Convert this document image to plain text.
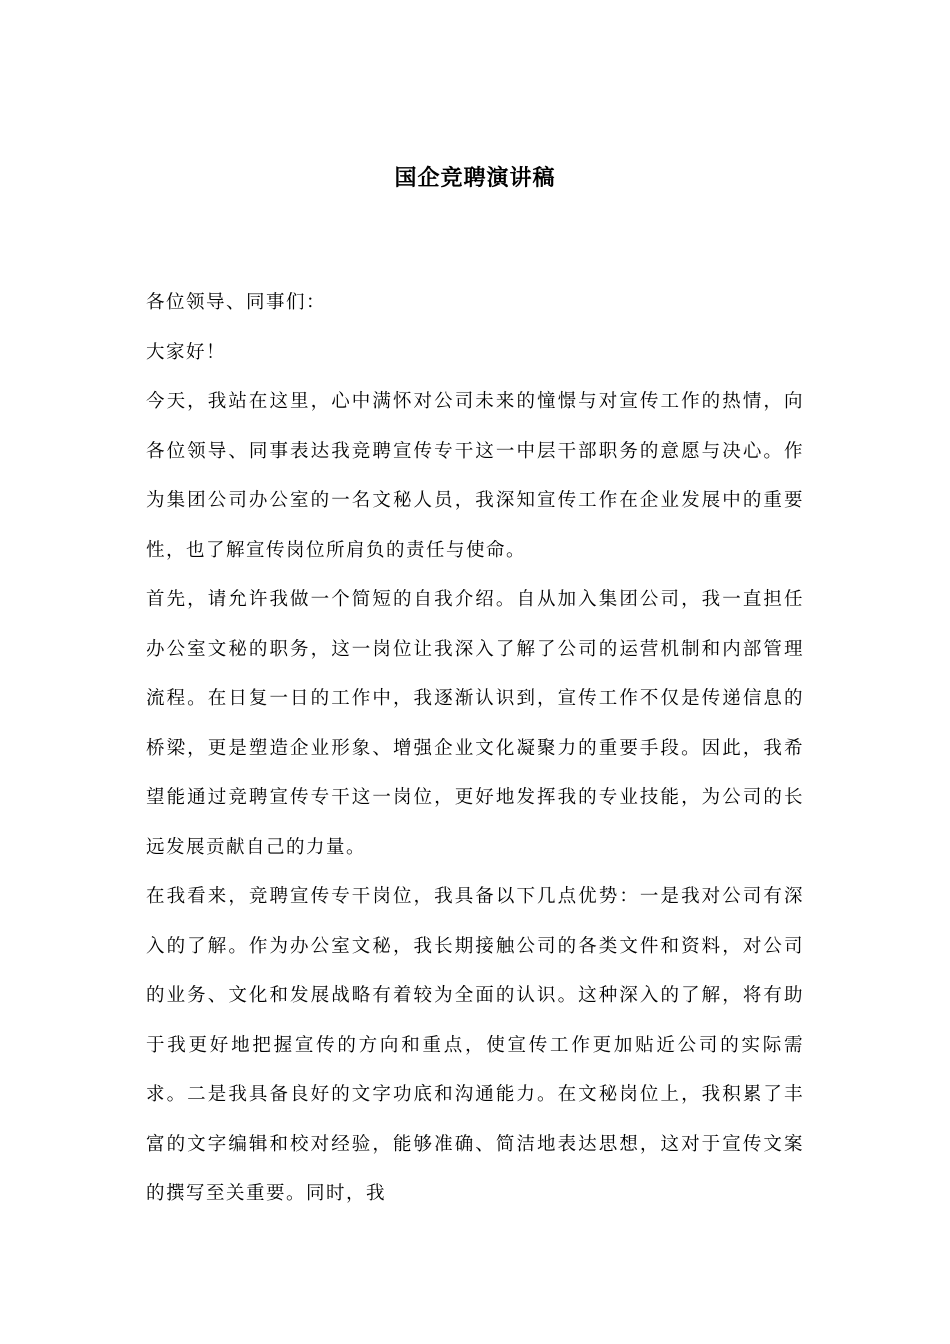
国企竞聘演讲稿

各位领导、同事们：

大家好！

今天，我站在这里，心中满怀对公司未来的憧憬与对宣传工作的热情，向各位领导、同事表达我竞聘宣传专干这一中层干部职务的意愿与决心。作为集团公司办公室的一名文秘人员，我深知宣传工作在企业发展中的重要性，也了解宣传岗位所肩负的责任与使命。

首先，请允许我做一个简短的自我介绍。自从加入集团公司，我一直担任办公室文秘的职务，这一岗位让我深入了解了公司的运营机制和内部管理流程。在日复一日的工作中，我逐渐认识到，宣传工作不仅是传递信息的桥梁，更是塑造企业形象、增强企业文化凝聚力的重要手段。因此，我希望能通过竞聘宣传专干这一岗位，更好地发挥我的专业技能，为公司的长远发展贡献自己的力量。

在我看来，竞聘宣传专干岗位，我具备以下几点优势：一是我对公司有深入的了解。作为办公室文秘，我长期接触公司的各类文件和资料，对公司的业务、文化和发展战略有着较为全面的认识。这种深入的了解，将有助于我更好地把握宣传的方向和重点，使宣传工作更加贴近公司的实际需求。二是我具备良好的文字功底和沟通能力。在文秘岗位上，我积累了丰富的文字编辑和校对经验，能够准确、简洁地表达思想，这对于宣传文案的撰写至关重要。同时，我
